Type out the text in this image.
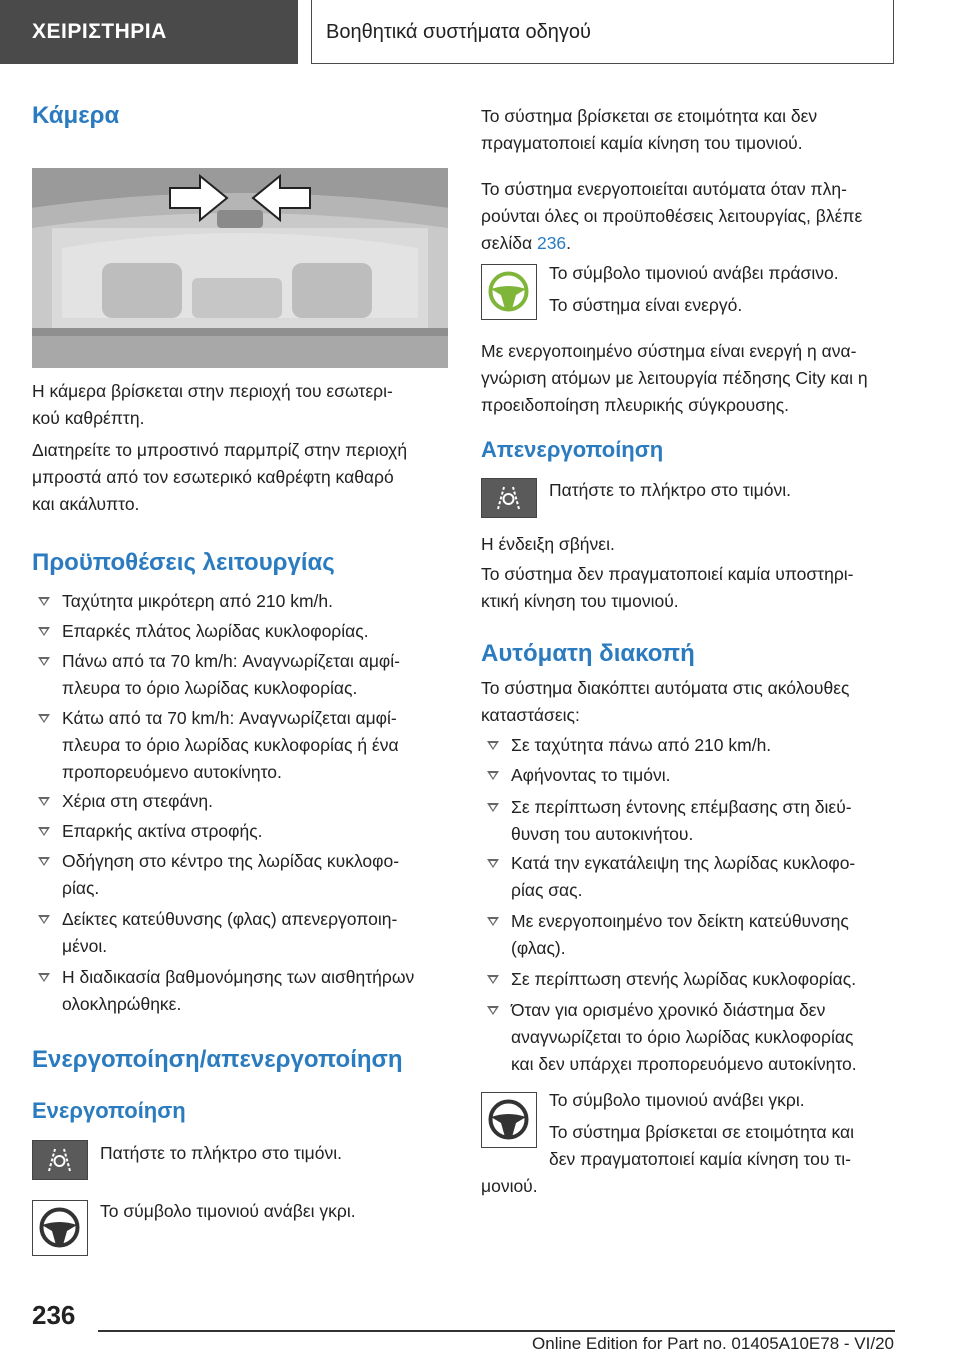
ΧΕΙΡΙΣΤΗΡΙΑ	Βοηθητικά συστήματα οδηγού
Κάμερα
Η κάμερα βρίσκεται στην περιοχή του εσωτερι-
κού καθρέπτη.
Διατηρείτε το μπροστινό παρμπρίζ στην περιοχή
μπροστά από τον εσωτερικό καθρέφτη καθαρό
και ακάλυπτο.
Προϋποθέσεις λειτουργίας
Ταχύτητα μικρότερη από 210 km/h.
Επαρκές πλάτος λωρίδας κυκλοφορίας.
Πάνω από τα 70 km/h: Αναγνωρίζεται αμφί-
πλευρα το όριο λωρίδας κυκλοφορίας.
Κάτω από τα 70 km/h: Αναγνωρίζεται αμφί-
πλευρα το όριο λωρίδας κυκλοφορίας ή ένα
προπορευόμενο αυτοκίνητο.
Χέρια στη στεφάνη.
Επαρκής ακτίνα στροφής.
Οδήγηση στο κέντρο της λωρίδας κυκλοφο-
ρίας.
Δείκτες κατεύθυνσης (φλας) απενεργοποιη-
μένοι.
Η διαδικασία βαθμονόμησης των αισθητήρων
ολοκληρώθηκε.
Ενεργοποίηση/απενεργοποίηση
Ενεργοποίηση
Πατήστε το πλήκτρο στο τιμόνι.
Το σύμβολο τιμονιού ανάβει γκρι.
Το σύστημα βρίσκεται σε ετοιμότητα και δεν
πραγματοποιεί καμία κίνηση του τιμονιού.
Το σύστημα ενεργοποιείται αυτόματα όταν πλη-
ρούνται όλες οι προϋποθέσεις λειτουργίας, βλέπε
σελίδα 236.
Το σύμβολο τιμονιού ανάβει πράσινο.
Το σύστημα είναι ενεργό.
Με ενεργοποιημένο σύστημα είναι ενεργή η ανα-
γνώριση ατόμων με λειτουργία πέδησης City και η
προειδοποίηση πλευρικής σύγκρουσης.
Απενεργοποίηση
Πατήστε το πλήκτρο στο τιμόνι.
Η ένδειξη σβήνει.
Το σύστημα δεν πραγματοποιεί καμία υποστηρι-
κτική κίνηση του τιμονιού.
Αυτόματη διακοπή
Το σύστημα διακόπτει αυτόματα στις ακόλουθες
καταστάσεις:
Σε ταχύτητα πάνω από 210 km/h.
Αφήνοντας το τιμόνι.
Σε περίπτωση έντονης επέμβασης στη διεύ-
θυνση του αυτοκινήτου.
Κατά την εγκατάλειψη της λωρίδας κυκλοφο-
ρίας σας.
Με ενεργοποιημένο τον δείκτη κατεύθυνσης
(φλας).
Σε περίπτωση στενής λωρίδας κυκλοφορίας.
Όταν για ορισμένο χρονικό διάστημα δεν
αναγνωρίζεται το όριο λωρίδας κυκλοφορίας
και δεν υπάρχει προπορευόμενο αυτοκίνητο.
Το σύμβολο τιμονιού ανάβει γκρι.
Το σύστημα βρίσκεται σε ετοιμότητα και
δεν πραγματοποιεί καμία κίνηση του τι-
μονιού.
236
Online Edition for Part no. 01405A10E78 - VI/20
